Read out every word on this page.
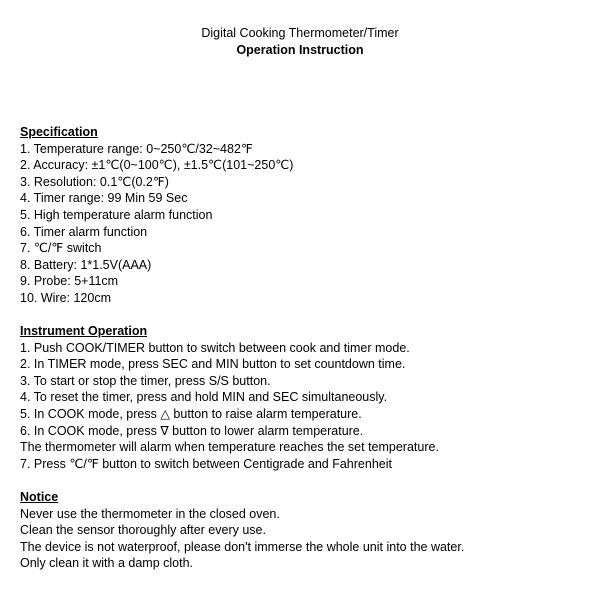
Digital Cooking Thermometer/Timer
Operation Instruction
Specification
1. Temperature range: 0~250℃/32~482℉
2. Accuracy: ±1℃(0~100℃), ±1.5℃(101~250℃)
3. Resolution: 0.1℃(0.2℉)
4. Timer range: 99 Min 59 Sec
5. High temperature alarm function
6. Timer alarm function
7. ℃/℉ switch
8. Battery: 1*1.5V(AAA)
9. Probe: 5+11cm
10. Wire: 120cm
Instrument Operation
1. Push COOK/TIMER button to switch between cook and timer mode.
2. In TIMER mode, press SEC and MIN button to set countdown time.
3. To start or stop the timer, press S/S button.
4. To reset the timer, press and hold MIN and SEC simultaneously.
5. In COOK mode, press △ button to raise alarm temperature.
6. In COOK mode, press ∇ button to lower alarm temperature.
The thermometer will alarm when temperature reaches the set temperature.
7. Press ℃/℉ button to switch between Centigrade and Fahrenheit
Notice
Never use the thermometer in the closed oven.
Clean the sensor thoroughly after every use.
The device is not waterproof, please don't immerse the whole unit into the water.
Only clean it with a damp cloth.
